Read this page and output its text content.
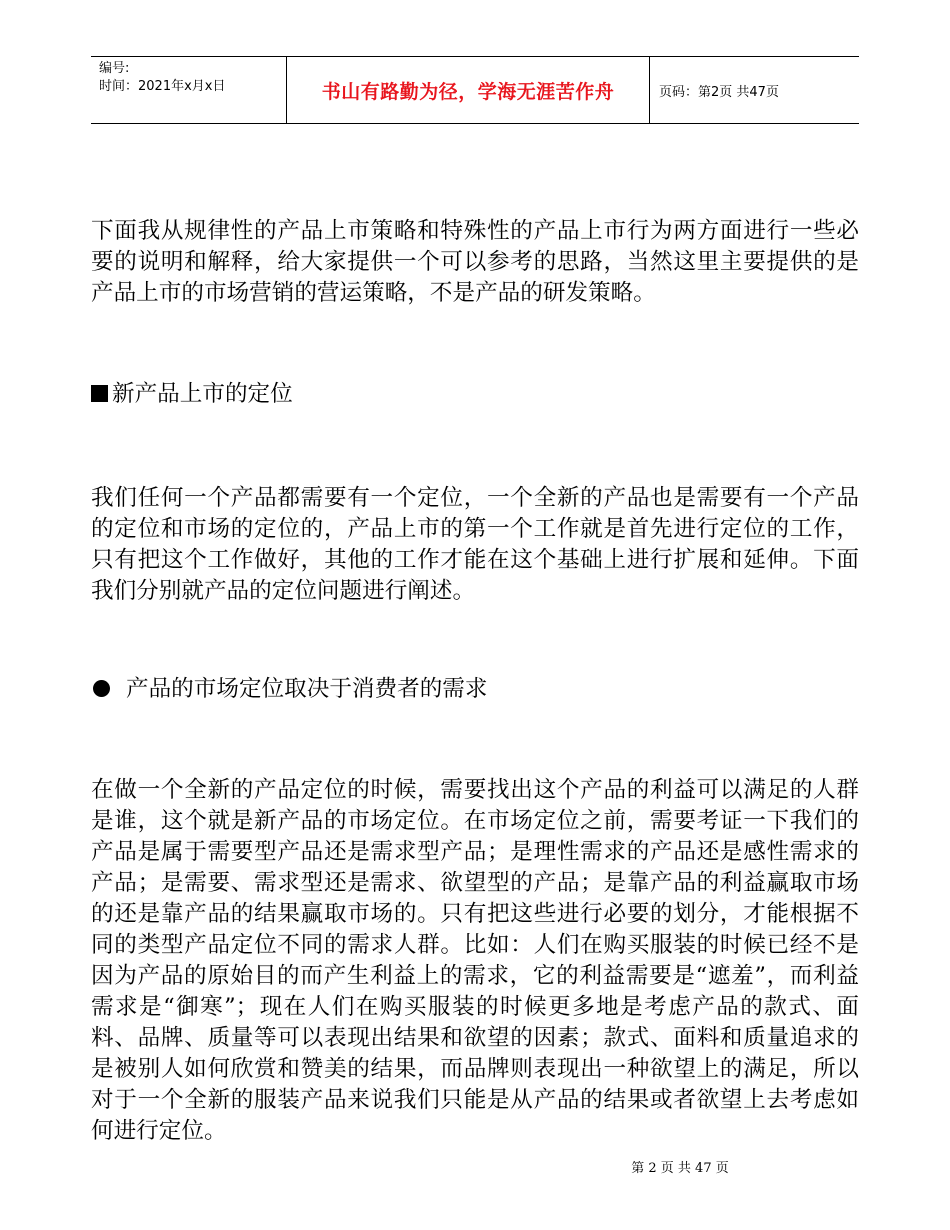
编号:
时间：2021年x月x日	书山有路勤为径，学海无涯苦作舟	页码：第2页 共47页

下面我从规律性的产品上市策略和特殊性的产品上市行为两方面进行一些必要的说明和解释，给大家提供一个可以参考的思路，当然这里主要提供的是产品上市的市场营销的营运策略，不是产品的研发策略。

新产品上市的定位

我们任何一个产品都需要有一个定位，一个全新的产品也是需要有一个产品的定位和市场的定位的，产品上市的第一个工作就是首先进行定位的工作，只有把这个工作做好，其他的工作才能在这个基础上进行扩展和延伸。下面我们分别就产品的定位问题进行阐述。

产品的市场定位取决于消费者的需求

在做一个全新的产品定位的时候，需要找出这个产品的利益可以满足的人群是谁，这个就是新产品的市场定位。在市场定位之前，需要考证一下我们的产品是属于需要型产品还是需求型产品；是理性需求的产品还是感性需求的产品；是需要、需求型还是需求、欲望型的产品；是靠产品的利益赢取市场的还是靠产品的结果赢取市场的。只有把这些进行必要的划分，才能根据不同的类型产品定位不同的需求人群。比如：人们在购买服装的时候已经不是因为产品的原始目的而产生利益上的需求，它的利益需要是“遮羞”，而利益需求是“御寒”；现在人们在购买服装的时候更多地是考虑产品的款式、面料、品牌、质量等可以表现出结果和欲望的因素；款式、面料和质量追求的是被别人如何欣赏和赞美的结果，而品牌则表现出一种欲望上的满足，所以对于一个全新的服装产品来说我们只能是从产品的结果或者欲望上去考虑如何进行定位。

第 2 页 共 47 页
